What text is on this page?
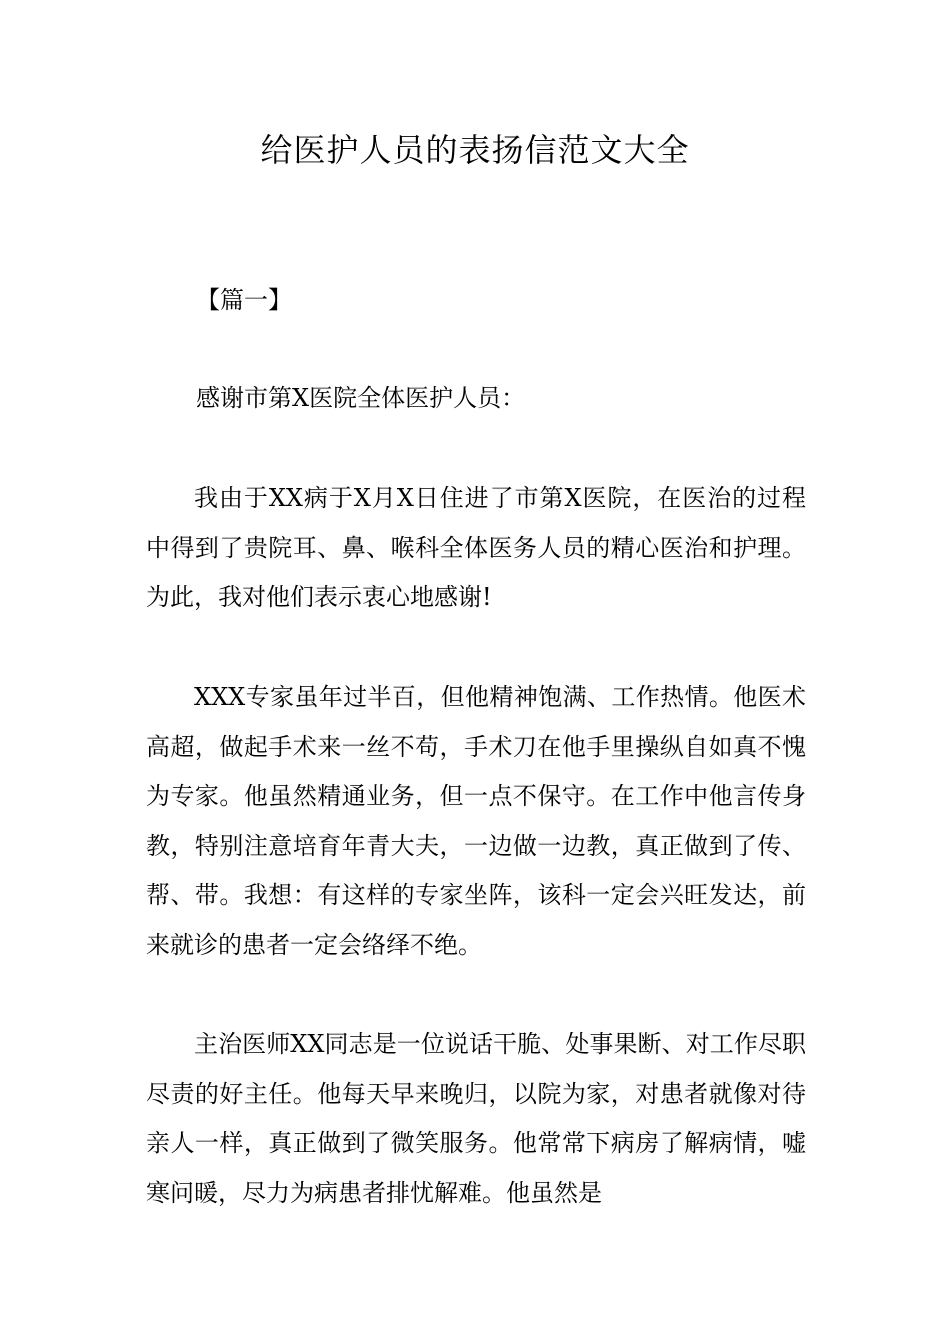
给医护人员的表扬信范文大全

【篇一】

感谢市第X医院全体医护人员：

我由于XX病于X月X日住进了市第X医院，在医治的过程中得到了贵院耳、鼻、喉科全体医务人员的精心医治和护理。为此，我对他们表示衷心地感谢!

XXX专家虽年过半百，但他精神饱满、工作热情。他医术高超，做起手术来一丝不苟，手术刀在他手里操纵自如真不愧为专家。他虽然精通业务，但一点不保守。在工作中他言传身教，特别注意培育年青大夫，一边做一边教，真正做到了传、帮、带。我想：有这样的专家坐阵，该科一定会兴旺发达，前来就诊的患者一定会络绎不绝。

主治医师XX同志是一位说话干脆、处事果断、对工作尽职尽责的好主任。他每天早来晚归，以院为家，对患者就像对待亲人一样，真正做到了微笑服务。他常常下病房了解病情，嘘寒问暖，尽力为病患者排忧解难。他虽然是
